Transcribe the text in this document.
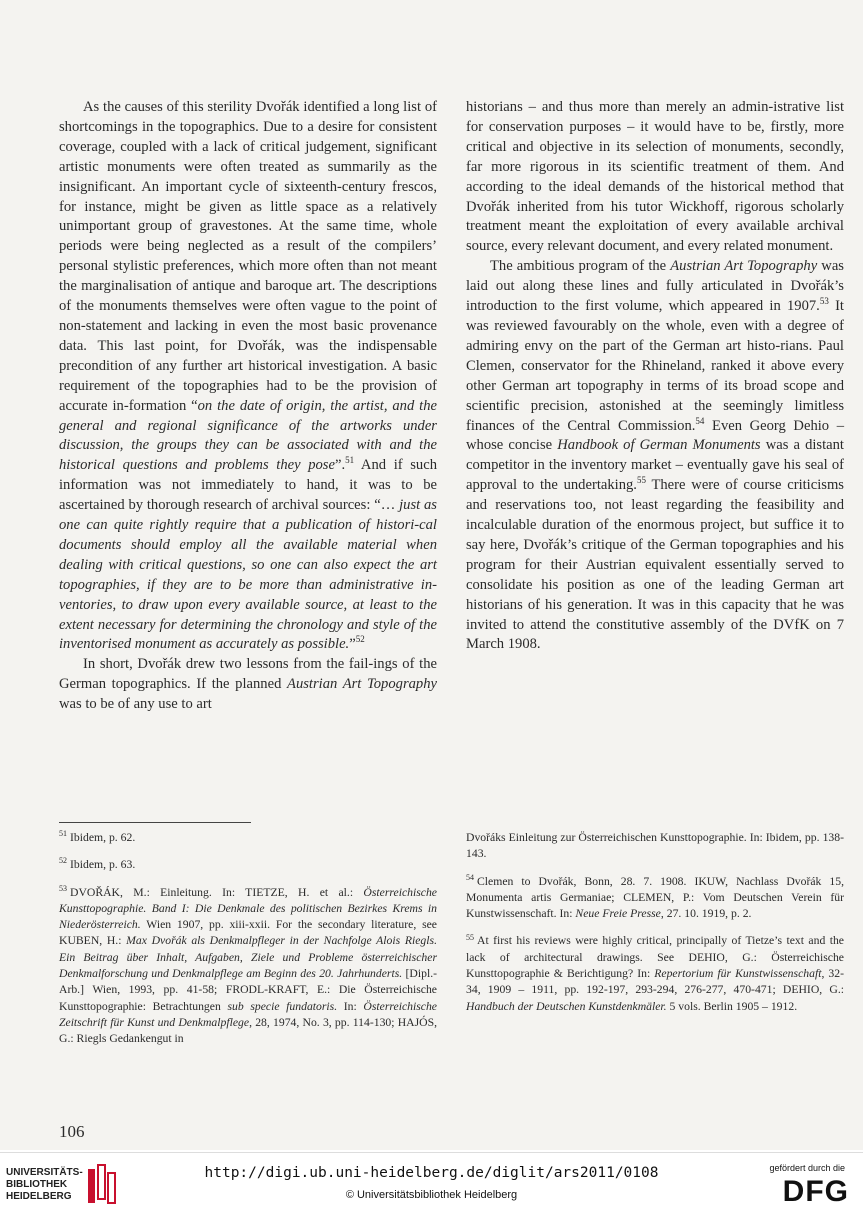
As the causes of this sterility Dvořák identified a long list of shortcomings in the topographics. Due to a desire for consistent coverage, coupled with a lack of critical judgement, significant artistic monuments were often treated as summarily as the insignificant. An important cycle of sixteenth-century frescos, for instance, might be given as little space as a relatively unimportant group of gravestones. At the same time, whole periods were being neglected as a result of the compilers’ personal stylistic preferences, which more often than not meant the marginalisation of antique and baroque art. The descriptions of the monuments themselves were often vague to the point of non-statement and lacking in even the most basic provenance data. This last point, for Dvořák, was the indispensable precondition of any further art historical investigation. A basic requirement of the topographies had to be the provision of accurate in-formation “on the date of origin, the artist, and the general and regional significance of the artworks under discussion, the groups they can be associated with and the historical questions and problems they pose”.$^{51}$ And if such information was not immediately to hand, it was to be ascertained by thorough research of archival sources: “… just as one can quite rightly require that a publication of histori-cal documents should employ all the available material when dealing with critical questions, so one can also expect the art topographies, if they are to be more than administrative in-ventories, to draw upon every available source, at least to the extent necessary for determining the chronology and style of the inventorised monument as accurately as possible.”$^{52}$

In short, Dvořák drew two lessons from the fail-ings of the German topographics. If the planned Austrian Art Topography was to be of any use to art

historians – and thus more than merely an admin-istrative list for conservation purposes – it would have to be, firstly, more critical and objective in its selection of monuments, secondly, far more rigorous in its scientific treatment of them. And according to the ideal demands of the historical method that Dvořák inherited from his tutor Wickhoff, rigorous scholarly treatment meant the exploitation of every available archival source, every relevant document, and every related monument.

The ambitious program of the Austrian Art Topography was laid out along these lines and fully articulated in Dvořák’s introduction to the first volume, which appeared in 1907.53 It was reviewed favourably on the whole, even with a degree of admiring envy on the part of the German art histo-rians. Paul Clemen, conservator for the Rhineland, ranked it above every other German art topography in terms of its broad scope and scientific precision, astonished at the seemingly limitless finances of the Central Commission.$^{54}$ Even Georg Dehio – whose concise Handbook of German Monuments was a distant competitor in the inventory market – eventually gave his seal of approval to the undertaking.$^{55}$ There were of course criticisms and reservations too, not least regarding the feasibility and incalculable duration of the enormous project, but suffice it to say here, Dvořák’s critique of the German topographies and his program for their Austrian equivalent essentially served to consolidate his position as one of the leading German art historians of his generation. It was in this capacity that he was invited to attend the constitutive assembly of the DVfK on 7 March 1908.

$^{51}$ Ibidem, p. 62.

$^{52}$ Ibidem, p. 63.

$^{53}$ DVOŘÁK, M.: Einleitung. In: TIETZE, H. et al.: Österreichische Kunsttopographie. Band I: Die Denkmale des politischen Bezirkes Krems in Niederösterreich. Wien 1907, pp. xiii-xxii. For the secondary literature, see KUBEN, H.: Max Dvořák als Denkmalpfleger in der Nachfolge Alois Riegls. Ein Beitrag über Inhalt, Aufgaben, Ziele und Probleme österreichischer Denkmalforschung und Denkmalpflege am Beginn des 20. Jahrhunderts. [Dipl.-Arb.] Wien, 1993, pp. 41-58; FRODL-KRAFT, E.: Die Österreichische Kunsttopographie: Betrachtungen sub specie fundatoris. In: Österreichische Zeitschrift für Kunst und Denkmalpflege, 28, 1974, No. 3, pp. 114-130; HAJÓS, G.: Riegls Gedankengut in

Dvořáks Einleitung zur Österreichischen Kunsttopographie. In: Ibidem, pp. 138-143.

$^{54}$ Clemen to Dvořák, Bonn, 28. 7. 1908. IKUW, Nachlass Dvořák 15, Monumenta artis Germaniae; CLEMEN, P.: Vom Deutschen Verein für Kunstwissenschaft. In: Neue Freie Presse, 27. 10. 1919, p. 2.

$^{55}$ At first his reviews were highly critical, principally of Tietze’s text and the lack of architectural drawings. See DEHIO, G.: Österreichische Kunsttopographie & Berichtigung? In: Repertorium für Kunstwissenschaft, 32-34, 1909 – 1911, pp. 192-197, 293-294, 276-277, 470-471; DEHIO, G.: Handbuch der Deutschen Kunstdenkmäler. 5 vols. Berlin 1905 – 1912.

106
UNIVERSITÄTS-
BIBLIOTHEK
HEIDELBERG
http://digi.ub.uni-heidelberg.de/diglit/ars2011/0108
© Universitätsbibliothek Heidelberg
gefördert durch die
DFG
